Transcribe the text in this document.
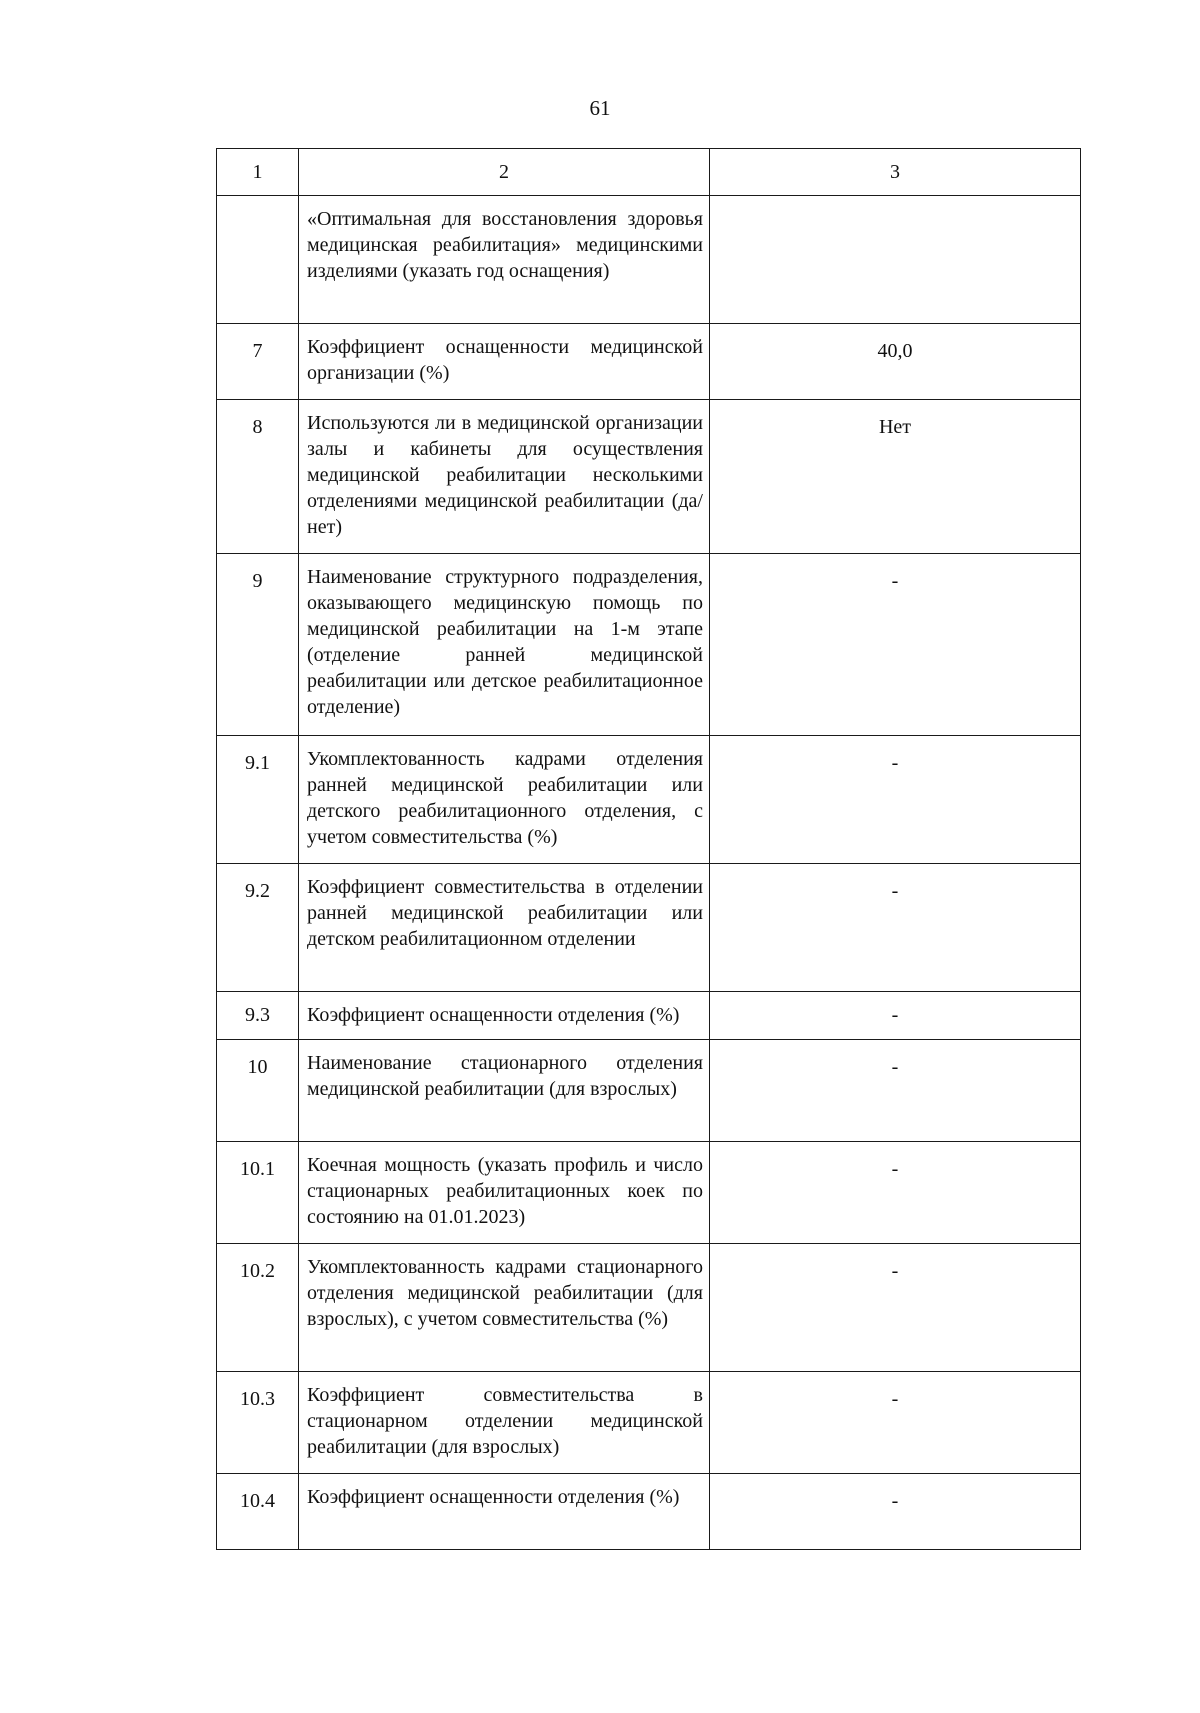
61
1	2	3
	«Оптимальная для восстановления здоровья медицинская реабилитация» медицинскими изделиями (указать год оснащения)	
7	Коэффициент оснащенности медицинской организации (%)	40,0
8	Используются ли в медицинской организации залы и кабинеты для осуществления медицинской реабилитации несколькими отделениями медицинской реабилитации (да/нет)	Нет
9	Наименование структурного подразделения, оказывающего медицинскую помощь по медицинской реабилитации на 1-м этапе (отделение ранней медицинской реабилитации или детское реабилитационное отделение)	-
9.1	Укомплектованность кадрами отделения ранней медицинской реабилитации или детского реабилитационного отделения, с учетом совместительства (%)	-
9.2	Коэффициент совместительства в отделении ранней медицинской реабилитации или детском реабилитационном отделении	-
9.3	Коэффициент оснащенности отделения (%)	-
10	Наименование стационарного отделения медицинской реабилитации (для взрослых)	-
10.1	Коечная мощность (указать профиль и число стационарных реабилитационных коек по состоянию на 01.01.2023)	-
10.2	Укомплектованность кадрами стационарного отделения медицинской реабилитации (для взрослых), с учетом совместительства (%)	-
10.3	Коэффициент совместительства в стационарном отделении медицинской реабилитации (для взрослых)	-
10.4	Коэффициент оснащенности отделения (%)	-
